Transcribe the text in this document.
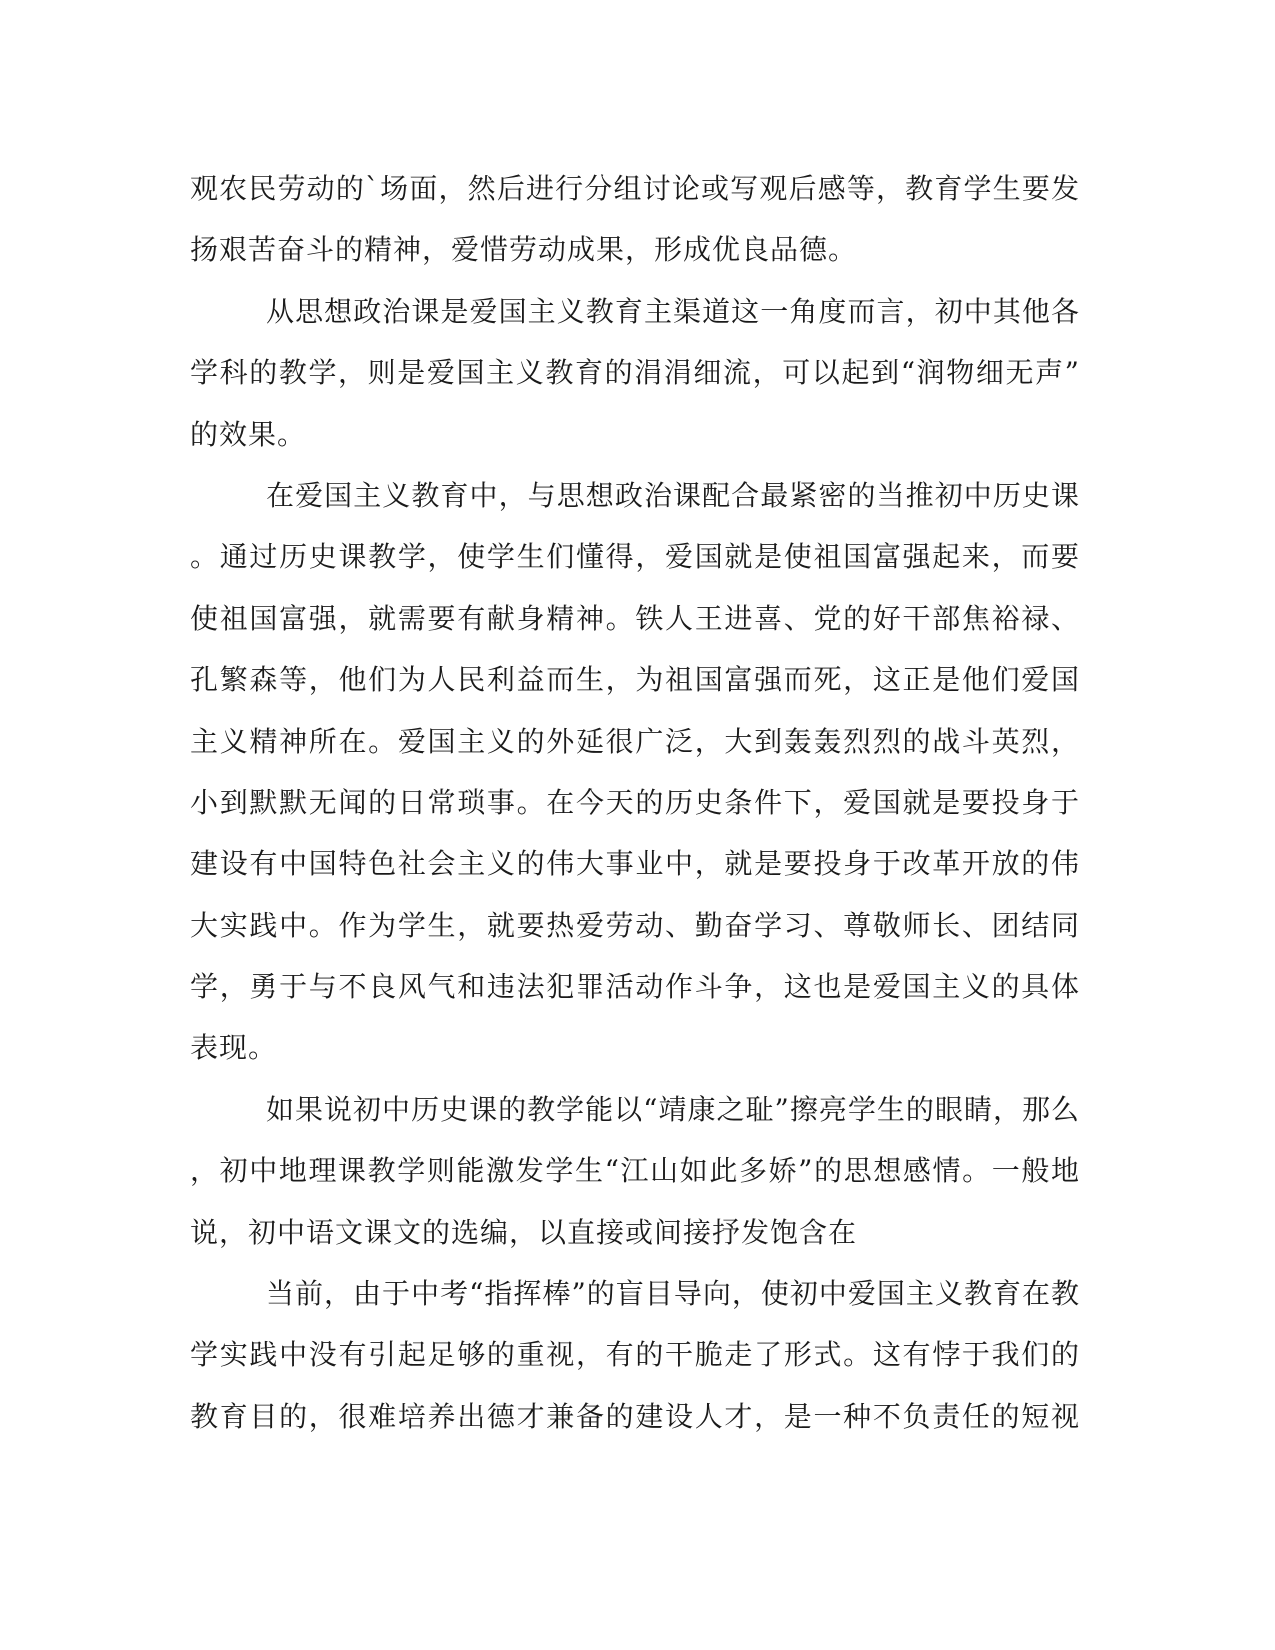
观农民劳动的`场面，然后进行分组讨论或写观后感等，教育学生要发
扬艰苦奋斗的精神，爱惜劳动成果，形成优良品德。
从思想政治课是爱国主义教育主渠道这一角度而言，初中其他各
学科的教学，则是爱国主义教育的涓涓细流，可以起到“润物细无声”
的效果。
在爱国主义教育中，与思想政治课配合最紧密的当推初中历史课
。通过历史课教学，使学生们懂得，爱国就是使祖国富强起来，而要
使祖国富强，就需要有献身精神。铁人王进喜、党的好干部焦裕禄、
孔繁森等，他们为人民利益而生，为祖国富强而死，这正是他们爱国
主义精神所在。爱国主义的外延很广泛，大到轰轰烈烈的战斗英烈，
小到默默无闻的日常琐事。在今天的历史条件下，爱国就是要投身于
建设有中国特色社会主义的伟大事业中，就是要投身于改革开放的伟
大实践中。作为学生，就要热爱劳动、勤奋学习、尊敬师长、团结同
学，勇于与不良风气和违法犯罪活动作斗争，这也是爱国主义的具体
表现。
如果说初中历史课的教学能以“靖康之耻”擦亮学生的眼睛，那么
，初中地理课教学则能激发学生“江山如此多娇”的思想感情。一般地
说，初中语文课文的选编，以直接或间接抒发饱含在
当前，由于中考“指挥棒”的盲目导向，使初中爱国主义教育在教
学实践中没有引起足够的重视，有的干脆走了形式。这有悖于我们的
教育目的，很难培养出德才兼备的建设人才，是一种不负责任的短视
